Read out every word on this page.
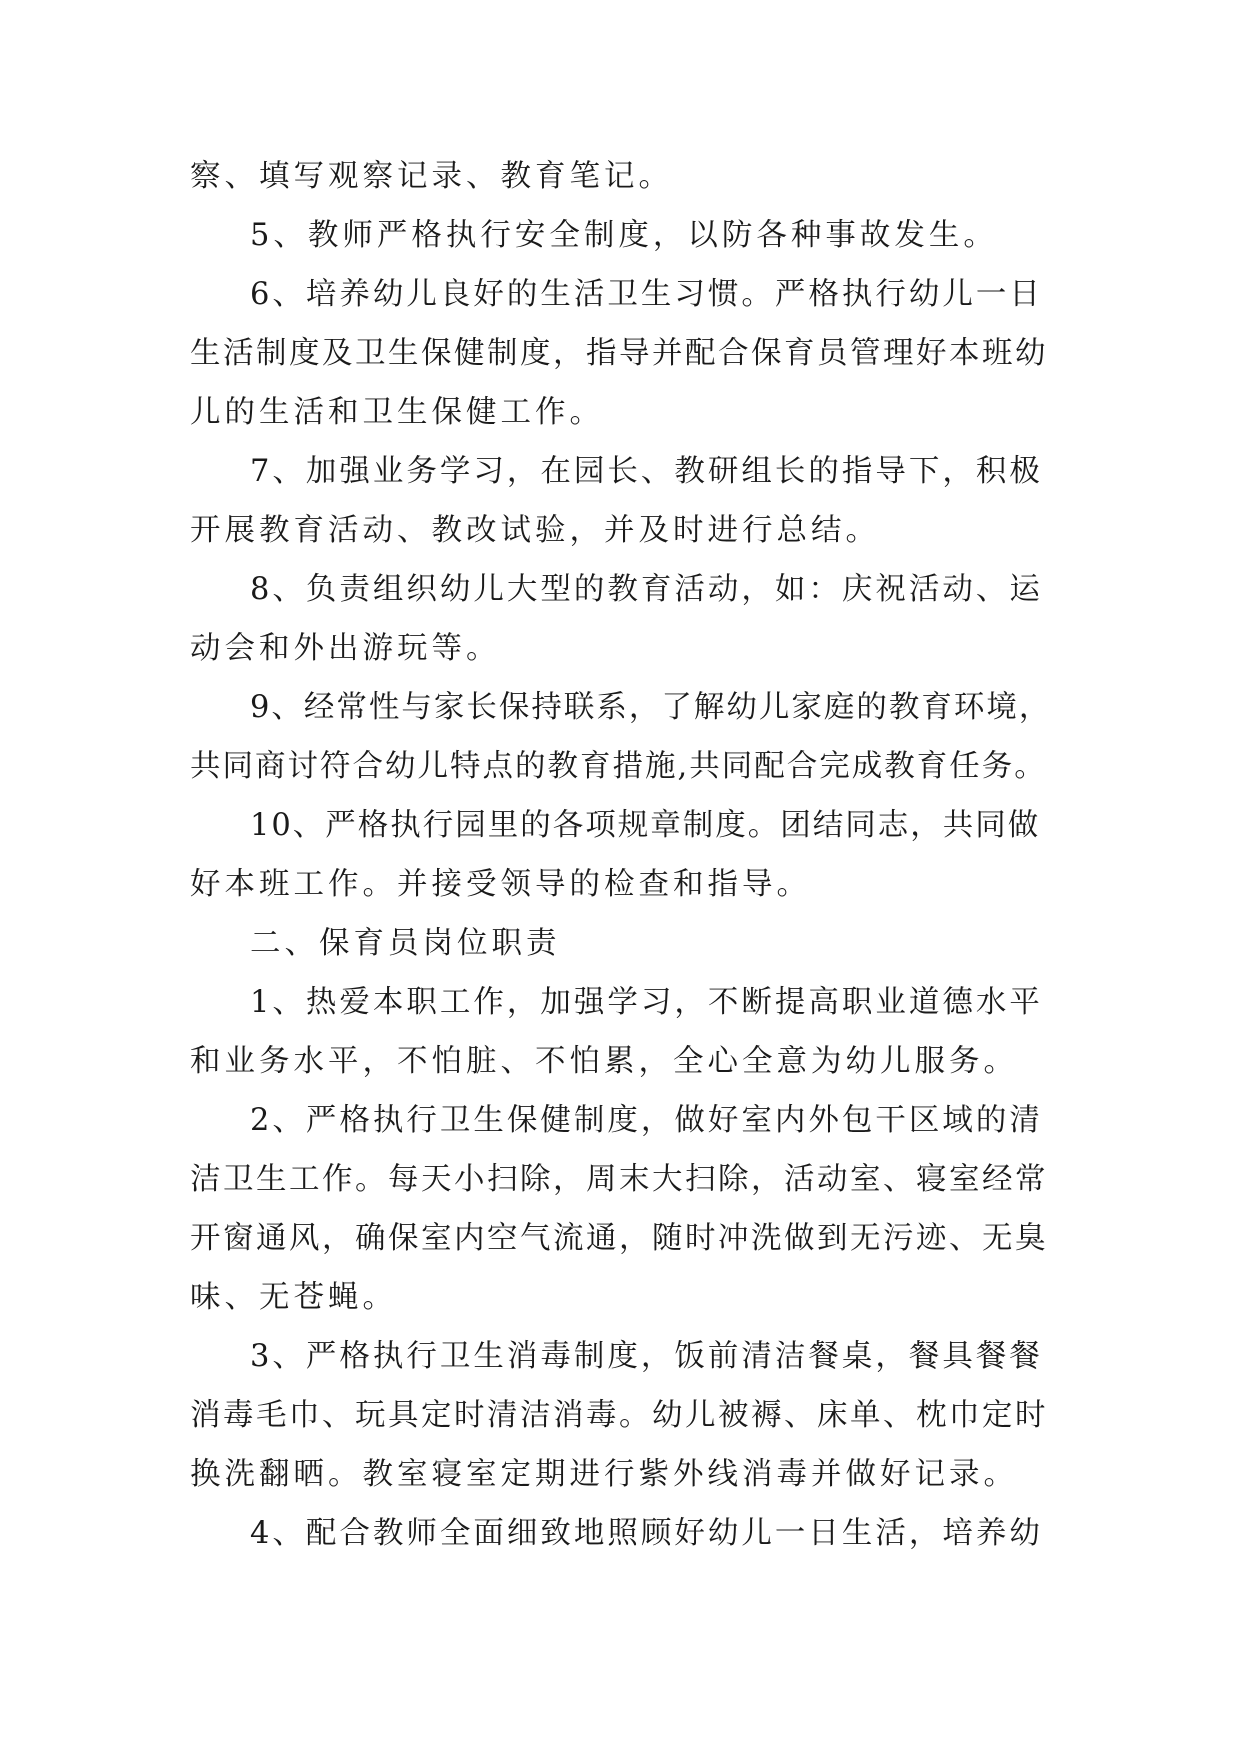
察、填写观察记录、教育笔记。
5、教师严格执行安全制度，以防各种事故发生。
6、培养幼儿良好的生活卫生习惯。严格执行幼儿一日
生活制度及卫生保健制度，指导并配合保育员管理好本班幼
儿的生活和卫生保健工作。
7、加强业务学习，在园长、教研组长的指导下，积极
开展教育活动、教改试验，并及时进行总结。
8、负责组织幼儿大型的教育活动，如：庆祝活动、运
动会和外出游玩等。
9、经常性与家长保持联系，了解幼儿家庭的教育环境，
共同商讨符合幼儿特点的教育措施,共同配合完成教育任务。
10、严格执行园里的各项规章制度。团结同志，共同做
好本班工作。并接受领导的检查和指导。
二、保育员岗位职责
1、热爱本职工作，加强学习，不断提高职业道德水平
和业务水平，不怕脏、不怕累，全心全意为幼儿服务。
2、严格执行卫生保健制度，做好室内外包干区域的清
洁卫生工作。每天小扫除，周末大扫除，活动室、寝室经常
开窗通风，确保室内空气流通，随时冲洗做到无污迹、无臭
味、无苍蝇。
3、严格执行卫生消毒制度，饭前清洁餐桌，餐具餐餐
消毒毛巾、玩具定时清洁消毒。幼儿被褥、床单、枕巾定时
换洗翻晒。教室寝室定期进行紫外线消毒并做好记录。
4、配合教师全面细致地照顾好幼儿一日生活，培养幼
